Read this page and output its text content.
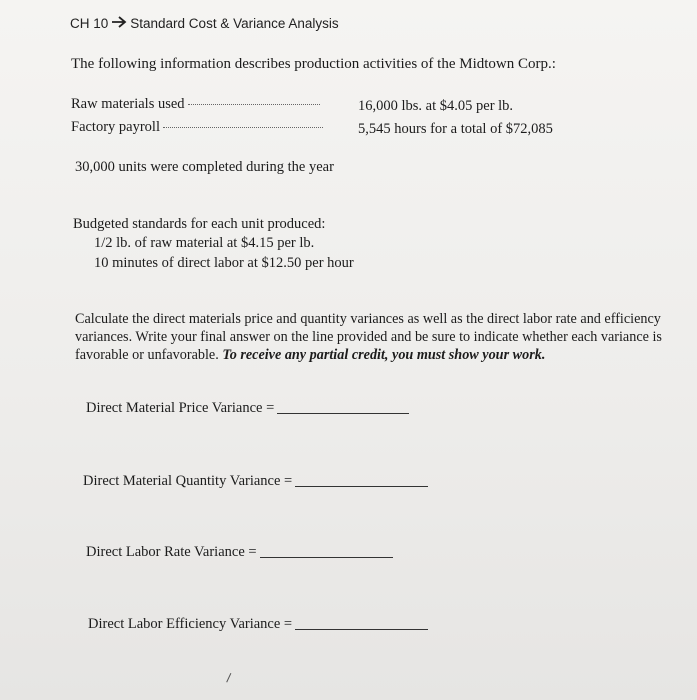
CH 10 Standard Cost & Variance Analysis
The following information describes production activities of the Midtown Corp.:
Raw materials used	16,000 lbs. at $4.05 per lb.
Factory payroll	5,545 hours for a total of $72,085
30,000 units were completed during the year
Budgeted standards for each unit produced:
1/2 lb. of raw material at $4.15 per lb.
10 minutes of direct labor at $12.50 per hour
Calculate the direct materials price and quantity variances as well as the direct labor rate and efficiency variances. Write your final answer on the line provided and be sure to indicate whether each variance is favorable or unfavorable. To receive any partial credit, you must show your work.
Direct Material Price Variance =
Direct Material Quantity Variance =
Direct Labor Rate Variance =
Direct Labor Efficiency Variance =
